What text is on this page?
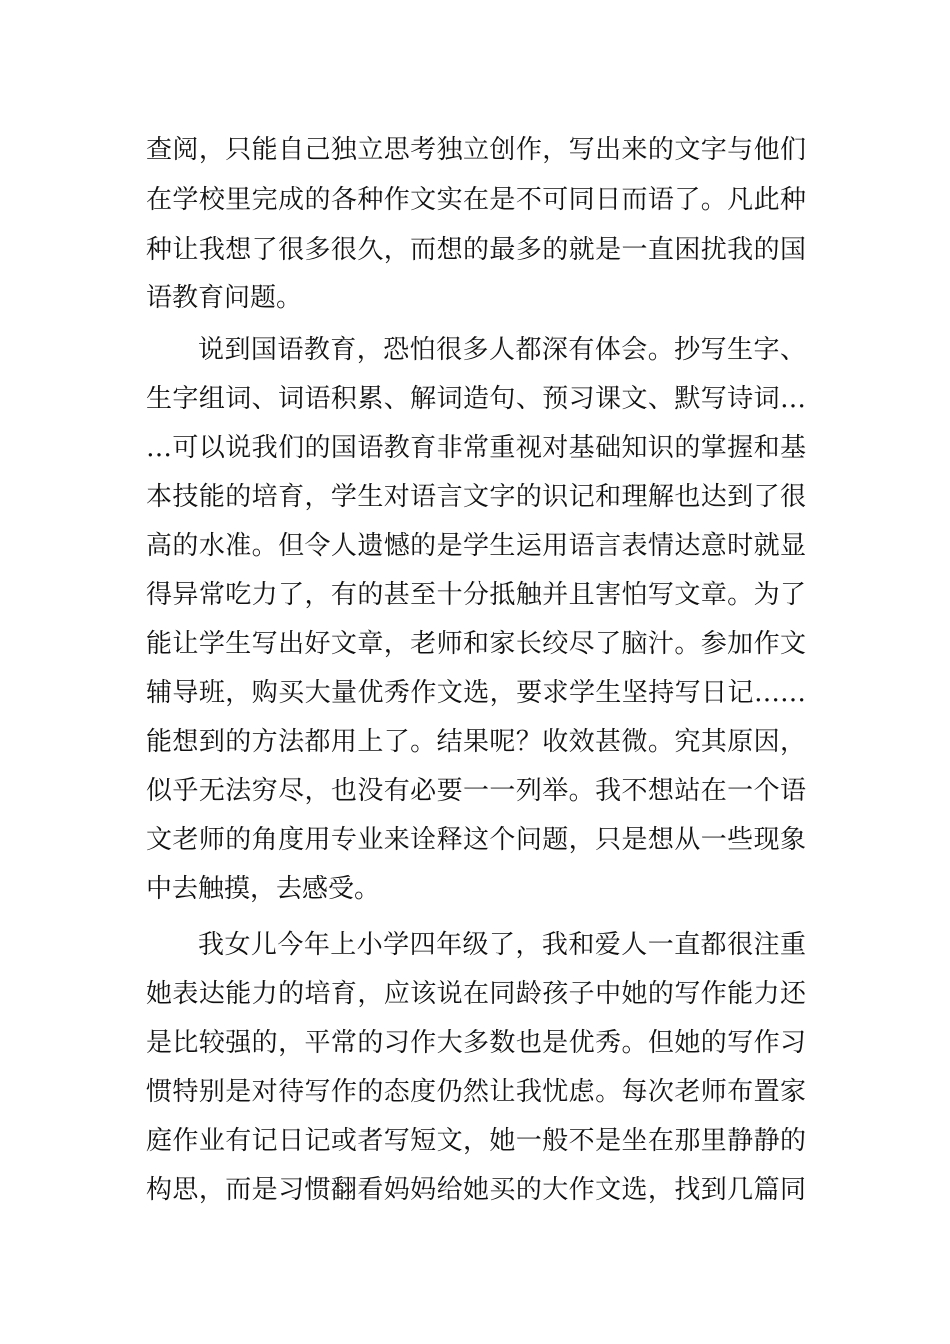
查阅，只能自己独立思考独立创作，写出来的文字与他们
在学校里完成的各种作文实在是不可同日而语了。凡此种
种让我想了很多很久，而想的最多的就是一直困扰我的国
语教育问题。
说到国语教育，恐怕很多人都深有体会。抄写生字、
生字组词、词语积累、解词造句、预习课文、默写诗词…
…可以说我们的国语教育非常重视对基础知识的掌握和基
本技能的培育，学生对语言文字的识记和理解也达到了很
高的水准。但令人遗憾的是学生运用语言表情达意时就显
得异常吃力了，有的甚至十分抵触并且害怕写文章。为了
能让学生写出好文章，老师和家长绞尽了脑汁。参加作文
辅导班，购买大量优秀作文选，要求学生坚持写日记……
能想到的方法都用上了。结果呢？收效甚微。究其原因，
似乎无法穷尽，也没有必要一一列举。我不想站在一个语
文老师的角度用专业来诠释这个问题，只是想从一些现象
中去触摸，去感受。
我女儿今年上小学四年级了，我和爱人一直都很注重
她表达能力的培育，应该说在同龄孩子中她的写作能力还
是比较强的，平常的习作大多数也是优秀。但她的写作习
惯特别是对待写作的态度仍然让我忧虑。每次老师布置家
庭作业有记日记或者写短文，她一般不是坐在那里静静的
构思，而是习惯翻看妈妈给她买的大作文选，找到几篇同
